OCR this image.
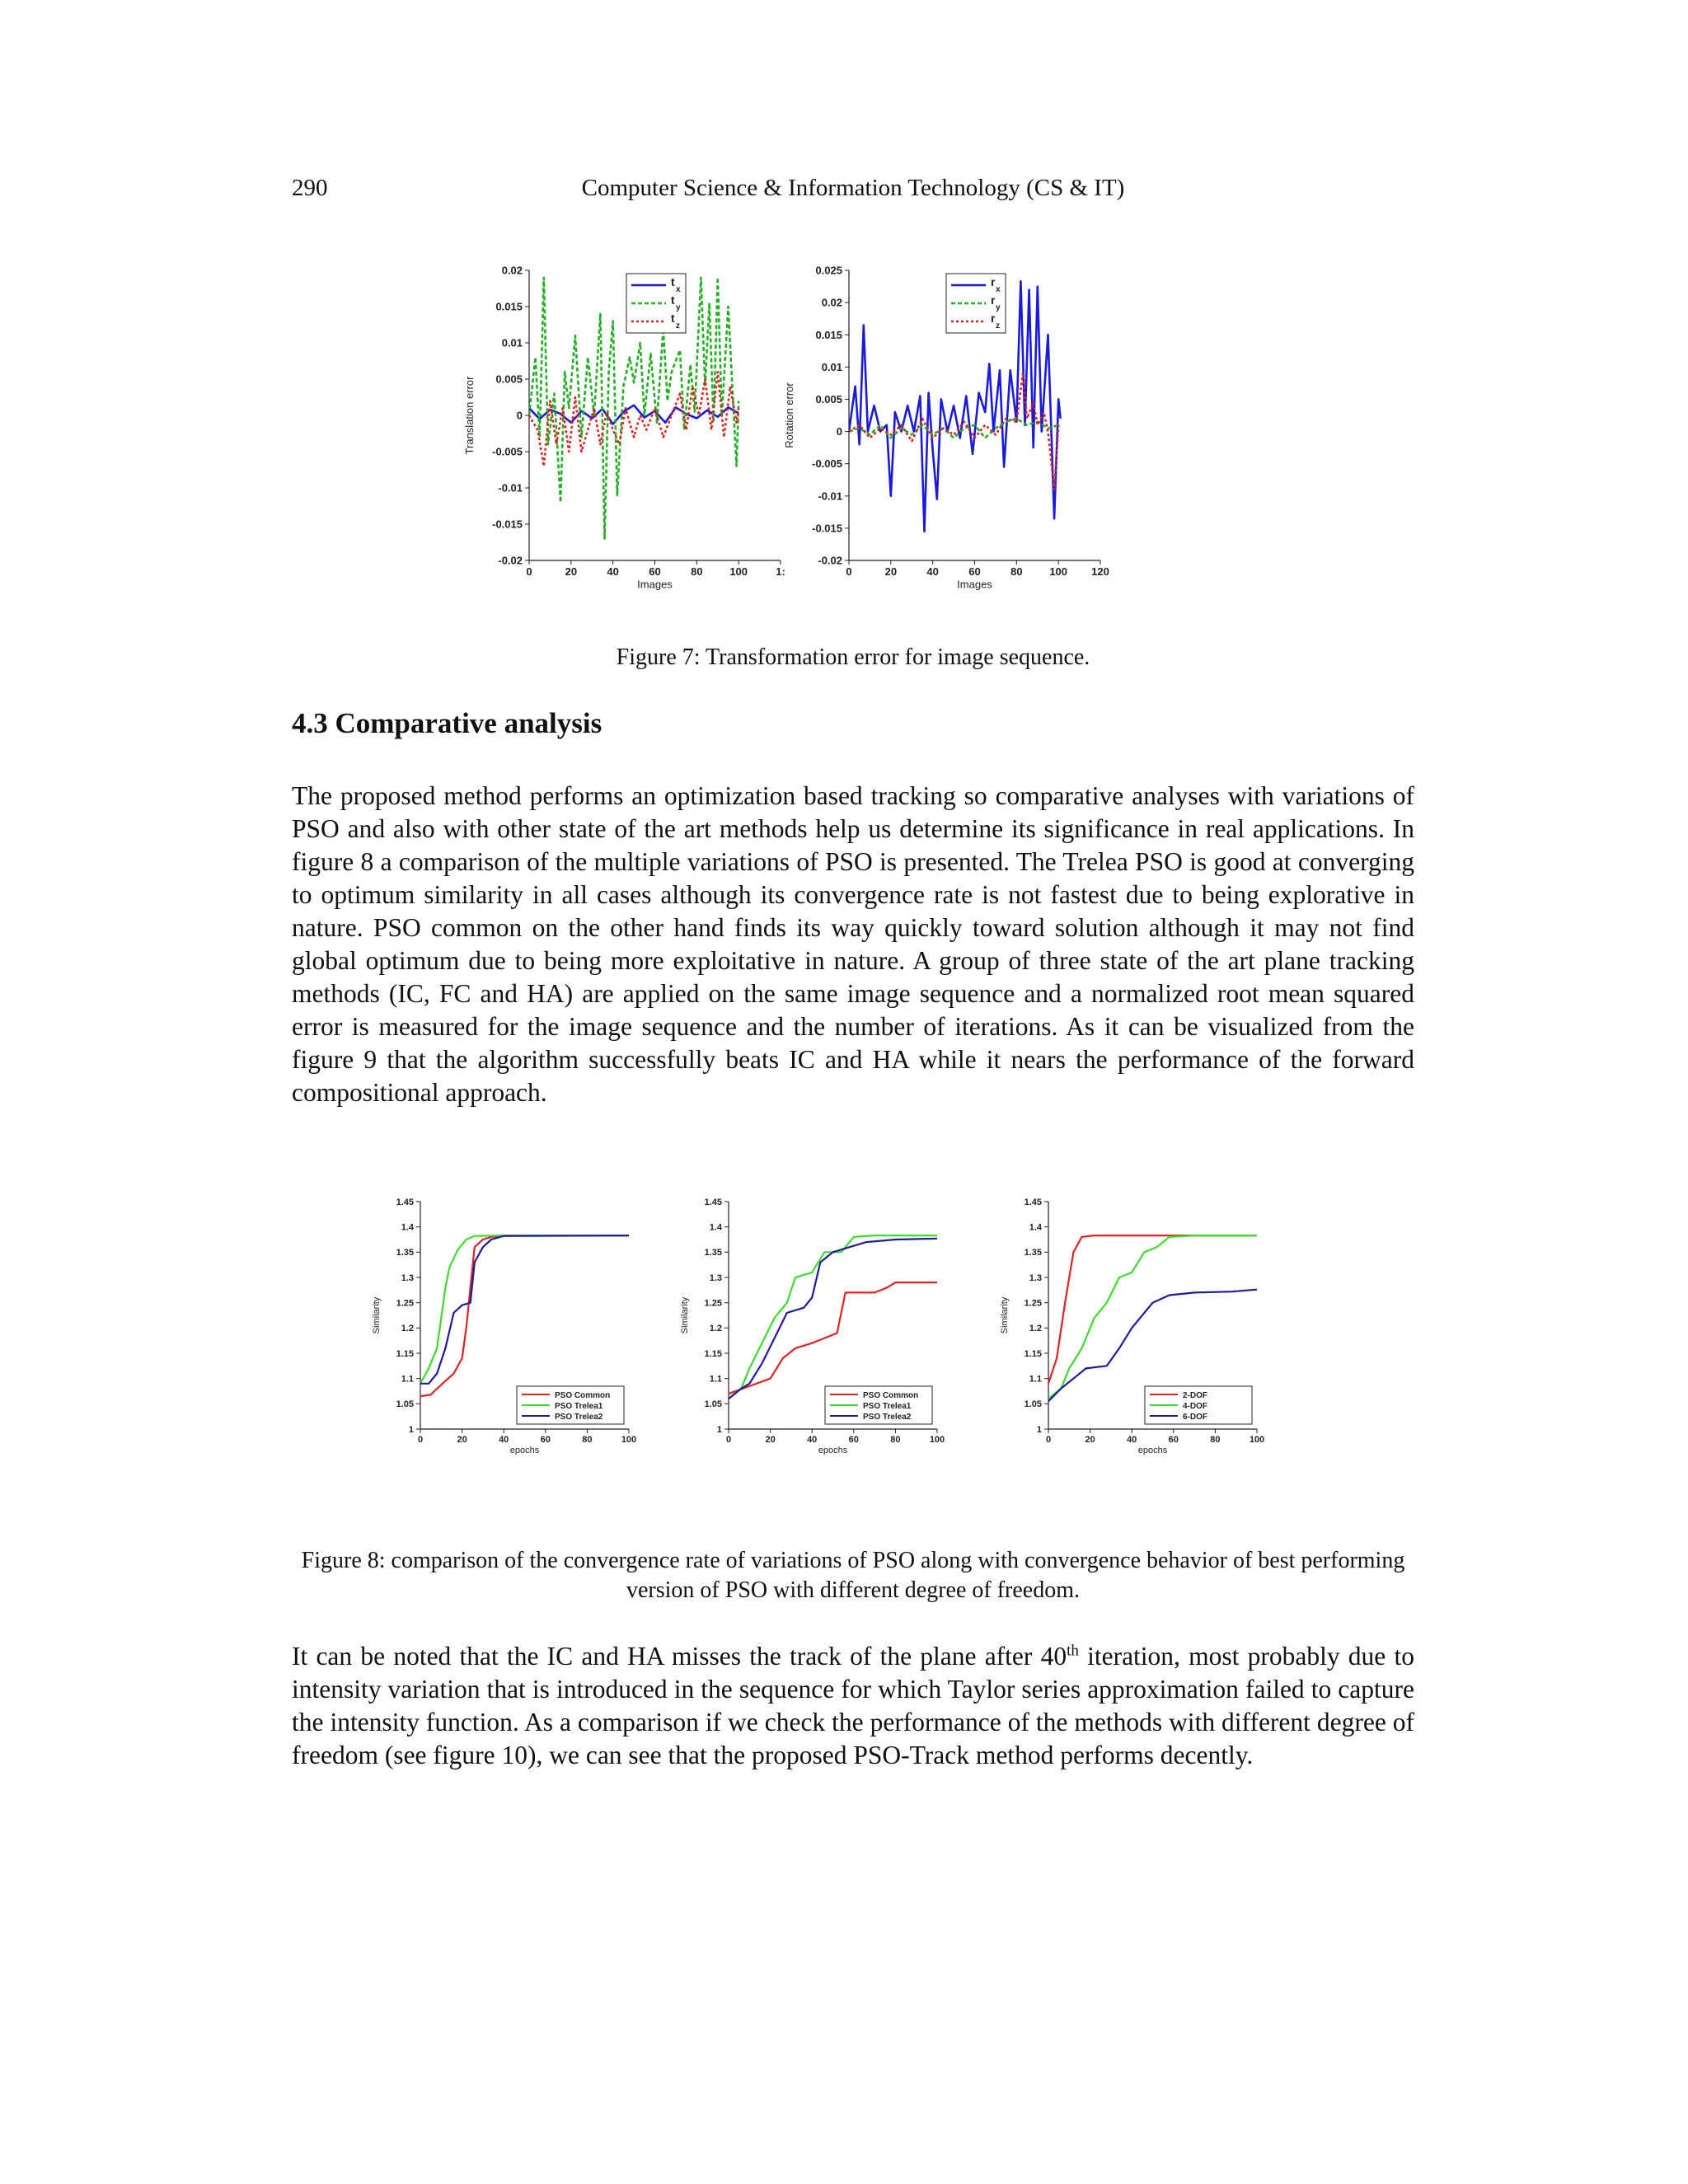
290	Computer Science & Information Technology (CS & IT)
-0.02
-0.015
-0.01
-0.005
0
0.005
0.01
0.015
0.02
0	20	40	60	80	100	1:
Images
Translation error
t
x
t
y
t
z
-0.02
-0.015
-0.01
-0.005
0
0.005
0.01
0.015
0.02
0.025
0	20	40	60	80	100 120
Images
Rotation error
r
x
r
y
r
z
Figure 7: Transformation error for image sequence.
4.3 Comparative analysis
The proposed method performs an optimization based tracking so comparative analyses with variations of PSO and also with other state of the art methods help us determine its significance in real applications. In figure 8 a comparison of the multiple variations of PSO is presented. The Trelea PSO is good at converging to optimum similarity in all cases although its convergence rate is not fastest due to being explorative in nature. PSO common on the other hand finds its way quickly toward solution although it may not find global optimum due to being more exploitative in nature. A group of three state of the art plane tracking methods (IC, FC and HA) are applied on the same image sequence and a normalized root mean squared error is measured for the image sequence and the number of iterations. As it can be visualized from the figure 9 that the algorithm successfully beats IC and HA while it nears the performance of the forward compositional approach.
1
1.05
1.1
1.15
1.2
1.25
1.3
1.35
1.4
1.45
0	20	40	60	80	100
epochs
Similarity
PSO Common
PSO Trelea1
PSO Trelea2
1
1.05
1.1
1.15
1.2
1.25
1.3
1.35
1.4
1.45
0	20	40	60	80	100
epochs
Similarity
PSO Common
PSO Trelea1
PSO Trelea2
1
1.05
1.1
1.15
1.2
1.25
1.3
1.35
1.4
1.45
0	20	40	60	80	100
epochs
Similarity
2-DOF
4-DOF
6-DOF
Figure 8: comparison of the convergence rate of variations of PSO along with convergence behavior of best performing version of PSO with different degree of freedom.
It can be noted that the IC and HA misses the track of the plane after 40th iteration, most probably due to intensity variation that is introduced in the sequence for which Taylor series approximation failed to capture the intensity function. As a comparison if we check the performance of the methods with different degree of freedom (see figure 10), we can see that the proposed PSO-Track method performs decently.
